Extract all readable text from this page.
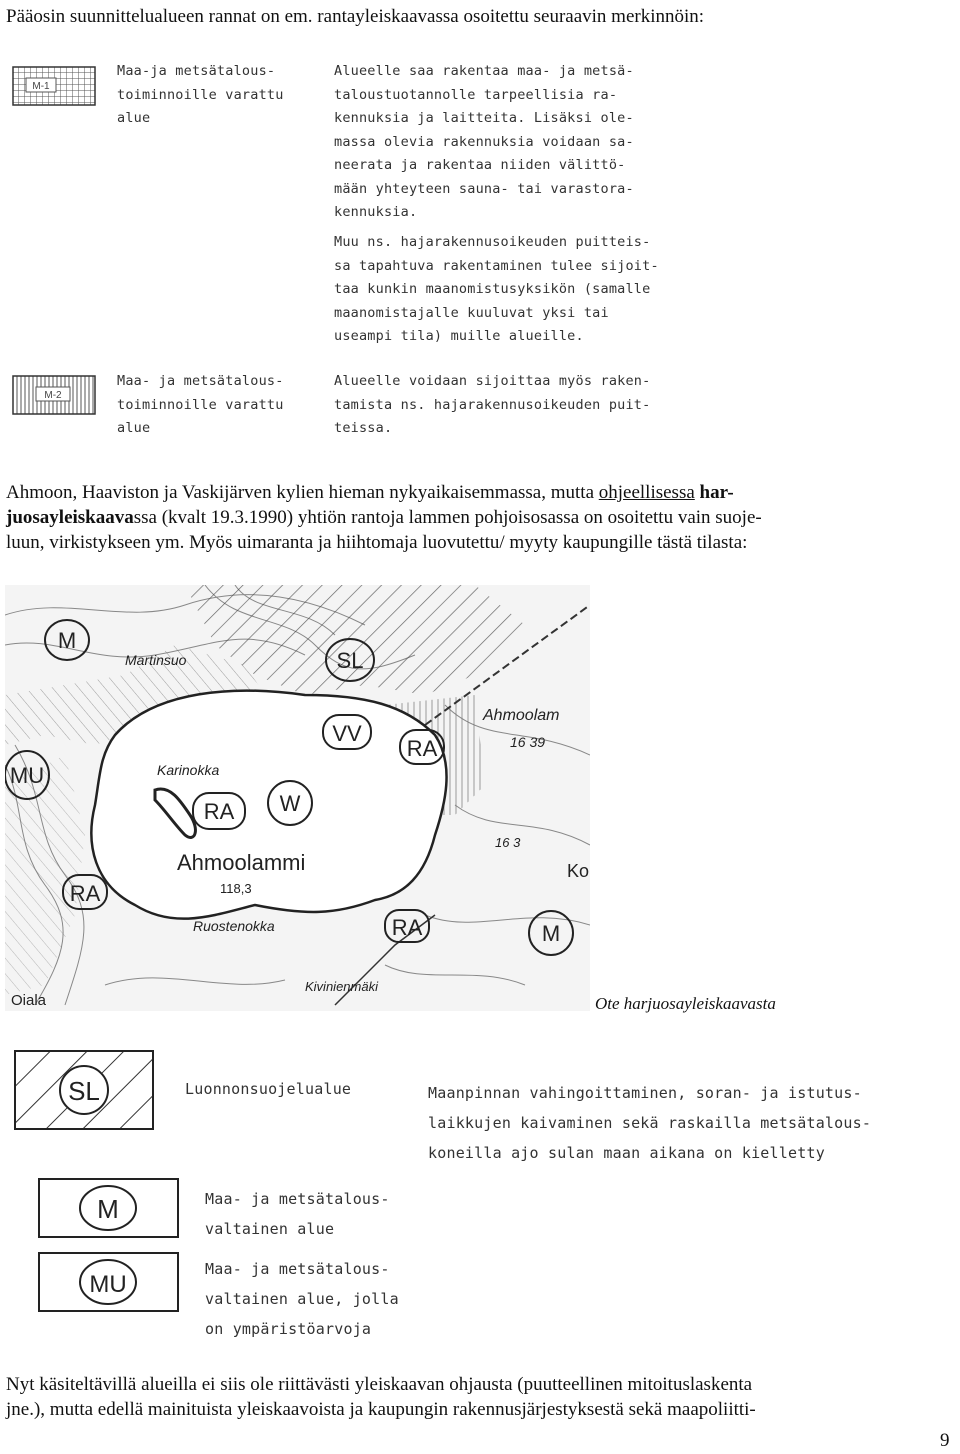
Pääosin suunnittelualueen rannat on em. rantayleiskaavassa osoitettu seuraavin merkinnöin:
M-1
Maa-ja metsätalous-
toiminnoille varattu
alue
Alueelle saa rakentaa maa- ja metsä-
taloustuotannolle tarpeellisia ra-
kennuksia ja laitteita. Lisäksi ole-
massa olevia rakennuksia voidaan sa-
neerata ja rakentaa niiden välittö-
mään yhteyteen sauna- tai varastora-
kennuksia.
Muu ns. hajarakennusoikeuden puitteis-
sa tapahtuva rakentaminen tulee sijoit-
taa kunkin maanomistusyksikön (samalle
maanomistajalle kuuluvat yksi tai
useampi tila) muille alueille.
M-2
Maa- ja metsätalous-
toiminnoille varattu
alue
Alueelle voidaan sijoittaa myös raken-
tamista ns. hajarakennusoikeuden puit-
teissa.
Ahmoon, Haaviston ja Vaskijärven kylien hieman nykyaikaisemmassa, mutta ohjeellisessa har-
juosayleiskaavassa (kvalt 19.3.1990) yhtiön rantoja lammen pohjoisosassa on osoitettu vain suoje-
luun, virkistykseen ym. Myös uimaranta ja hiihtomaja luovutettu/ myyty kaupungille tästä tilasta:
M
SL
VV
RA
RA W
MU
RA
RA	M
Martinsuo
Karinokka
Ahmoolammi
118,3
Ruostenokka
Oiala
Kivinienmäki
Ahmoolam
16 39
16 3
Ko
Ote harjuosayleiskaavasta
SL	Luonnonsuojelualue	Maanpinnan vahingoittaminen, soran- ja istutus-
laikkujen kaivaminen sekä raskailla metsätalous-
koneilla ajo sulan maan aikana on kielletty
M	Maa- ja metsätalous-
valtainen alue
MU
Maa- ja metsätalous-
valtainen alue, jolla
on ympäristöarvoja
Nyt käsiteltävillä alueilla ei siis ole riittävästi yleiskaavan ohjausta (puutteellinen mitoituslaskenta
jne.), mutta edellä mainituista yleiskaavoista ja kaupungin rakennusjärjestyksestä sekä maapoliitti-
9
